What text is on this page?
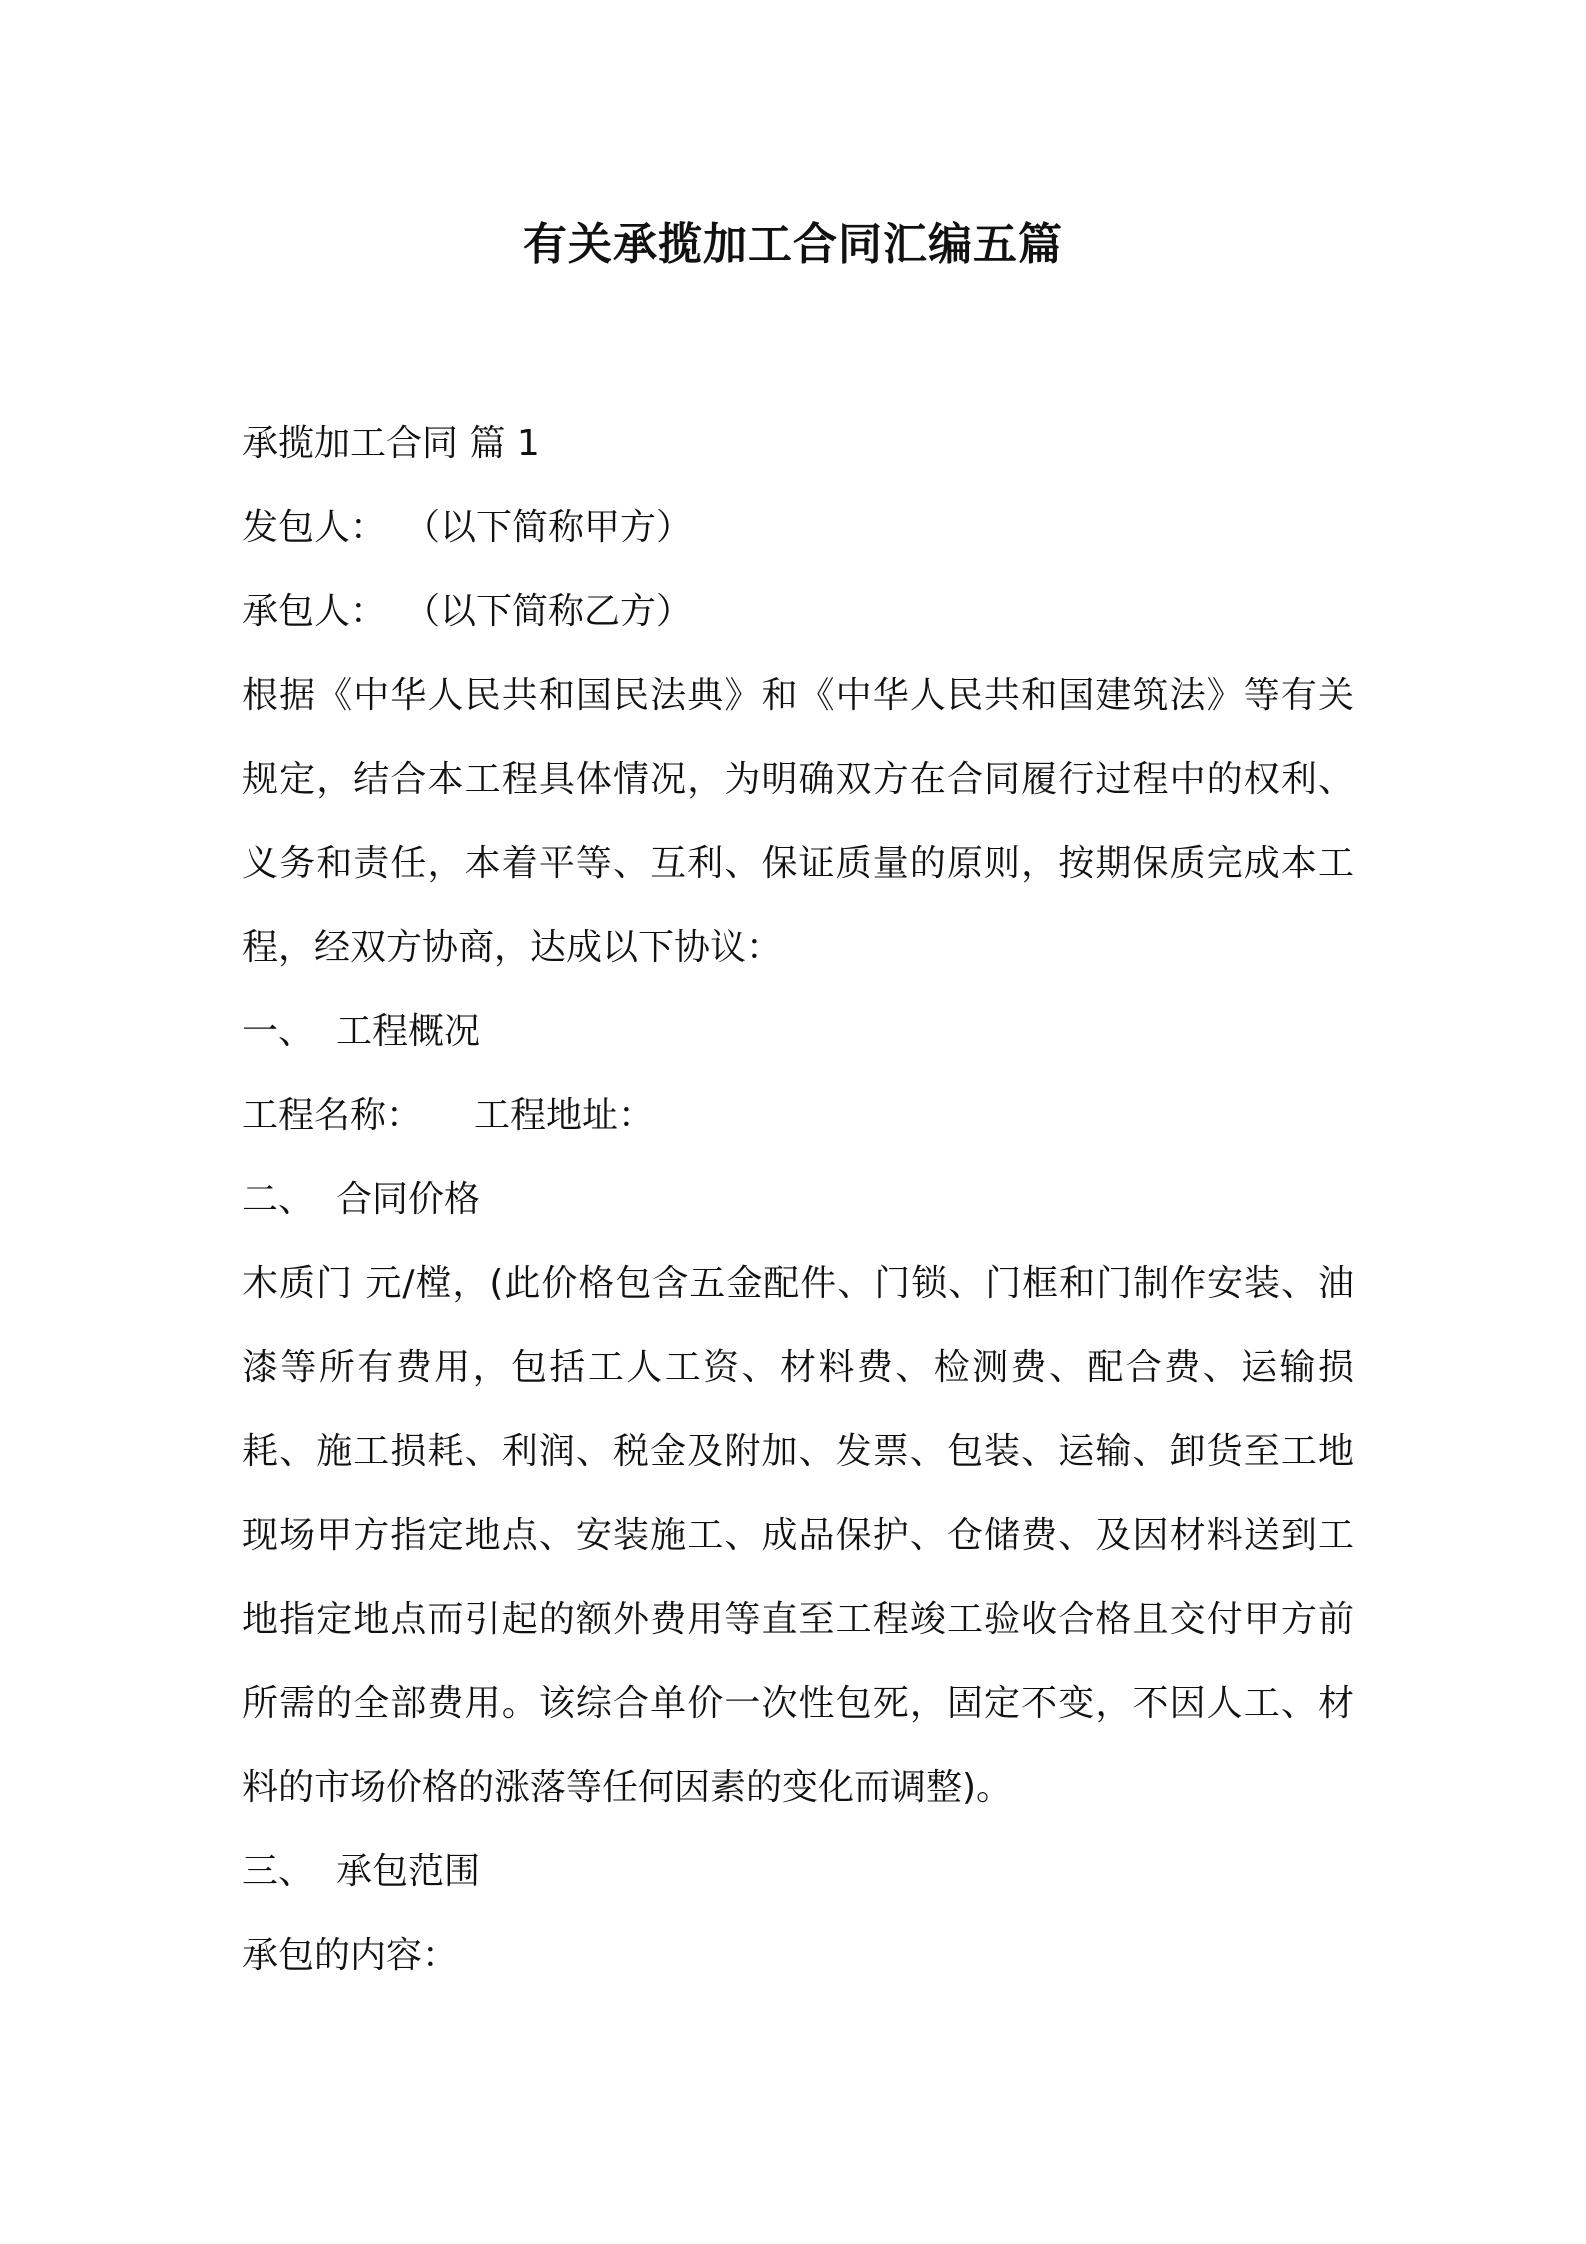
有关承揽加工合同汇编五篇

承揽加工合同 篇 1

发包人： （以下简称甲方）

承包人： （以下简称乙方）

根据《中华人民共和国民法典》和《中华人民共和国建筑法》等有关规定，结合本工程具体情况，为明确双方在合同履行过程中的权利、义务和责任，本着平等、互利、保证质量的原则，按期保质完成本工程，经双方协商，达成以下协议：

一、 工程概况

工程名称： 工程地址：

二、 合同价格

木质门 元/樘，(此价格包含五金配件、门锁、门框和门制作安装、油漆等所有费用，包括工人工资、材料费、检测费、配合费、运输损耗、施工损耗、利润、税金及附加、发票、包装、运输、卸货至工地现场甲方指定地点、安装施工、成品保护、仓储费、及因材料送到工地指定地点而引起的额外费用等直至工程竣工验收合格且交付甲方前所需的全部费用。该综合单价一次性包死，固定不变，不因人工、材料的市场价格的涨落等任何因素的变化而调整)。

三、 承包范围

承包的内容：
